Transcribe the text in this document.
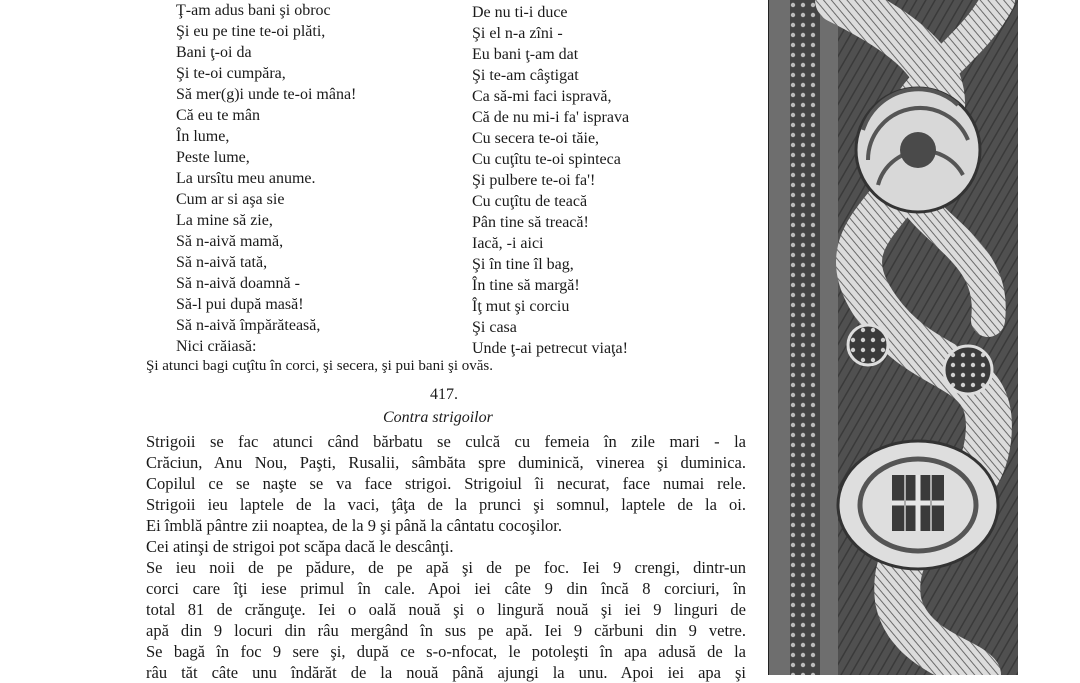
Ţ-am adus bani şi obroc
Şi eu pe tine te-oi plăti,
Bani ţ-oi da
Şi te-oi cumpăra,
Să mer(g)i unde te-oi mâna!
Că eu te mân
În lume,
Peste lume,
La ursîtu meu anume.
Cum ar si aşa sie
La mine să zie,
Să n-aivă mamă,
Să n-aivă tată,
Să n-aivă doamnă -
Să-l pui după masă!
Să n-aivă împărăteasă,
Nici crăiasă:
De nu ti-i duce
Şi el n-a zîni -
Eu bani ţ-am dat
Şi te-am câştigat
Ca să-mi faci ispravă,
Că de nu mi-i fa' isprava
Cu secera te-oi tăie,
Cu cuţîtu te-oi spinteca
Şi pulbere te-oi fa'!
Cu cuţîtu de teacă
Pân tine să treacă!
Iacă, -i aici
Şi în tine îl bag,
În tine să margă!
Îţ mut şi corciu
Şi casa
Unde ţ-ai petrecut viaţa!
Şi atunci bagi cuţîtu în corci, şi secera, şi pui bani şi ovăs.
417.
Contra strigoilor
Strigoii se fac atunci când bărbatu se culcă cu femeia în zile mari - la
Crăciun, Anu Nou, Paşti, Rusalii, sâmbăta spre duminică, vinerea şi duminica.
Copilul ce se naşte se va face strigoi. Strigoiul îi necurat, face numai rele.
Strigoii ieu laptele de la vaci, ţâţa de la prunci şi somnul, laptele de la oi.
Ei îmblă pântre zii noaptea, de la 9 şi până la cântatu cocoşilor.
Cei atinşi de strigoi pot scăpa dacă le descânţi.
Se ieu noii de pe pădure, de pe apă şi de pe foc. Iei 9 crengi, dintr-un
corci care îţi iese primul în cale. Apoi iei câte 9 din încă 8 corciuri, în
total 81 de crănguţe. Iei o oală nouă şi o lingură nouă şi iei 9 linguri de
apă din 9 locuri din râu mergând în sus pe apă. Iei 9 cărbuni din 9 vetre.
Se bagă în foc 9 sere şi, după ce s-o-nfocat, le potoleşti în apa adusă de la
râu tăt câte unu îndărăt de la nouă până ajungi la unu. Apoi iei apa şi
